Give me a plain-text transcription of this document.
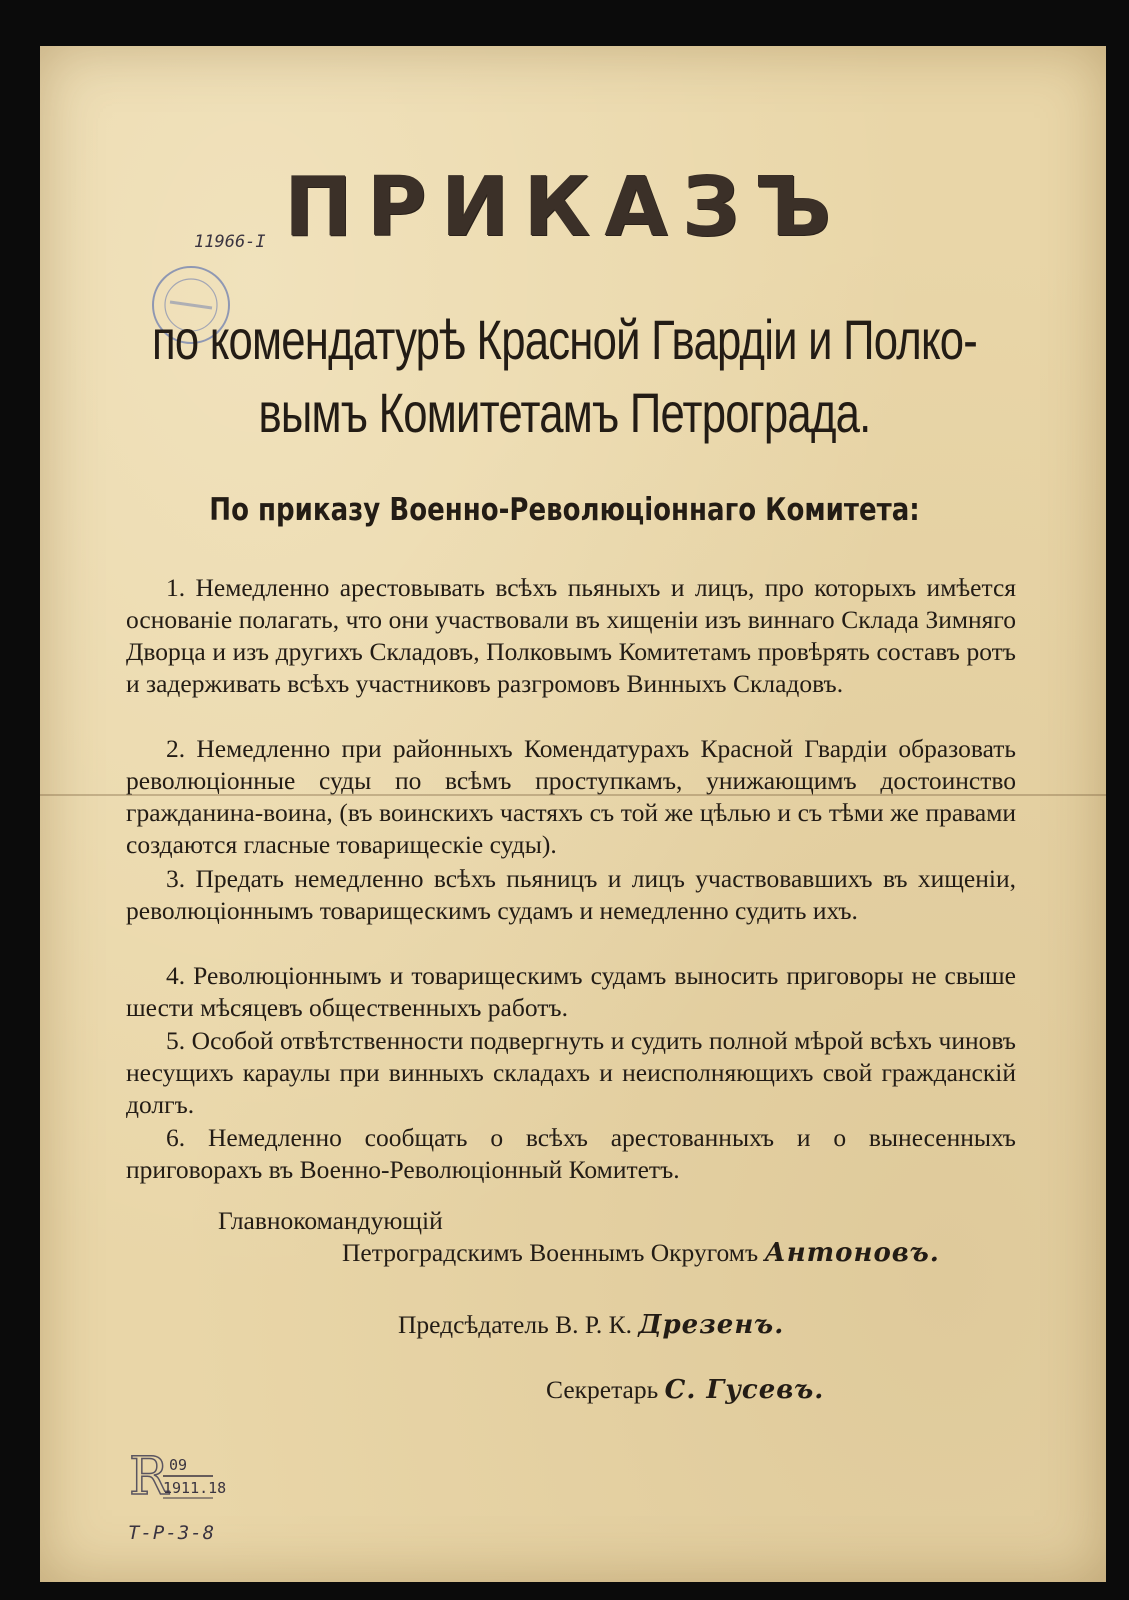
11966-I ПРИКАЗЪ

по комендатурѣ Красной Гвардіи и Полко-

вымъ Комитетамъ Петрограда.

По приказу Военно-Революціоннаго Комитета:

1. Немедленно арестовывать всѣхъ пьяныхъ и лицъ, про которыхъ имѣется основаніе полагать, что они участвовали въ хищеніи изъ виннаго Склада Зимняго Дворца и изъ другихъ Складовъ, Полковымъ Комитетамъ провѣрять составъ ротъ и задерживать всѣхъ участниковъ разгромовъ Винныхъ Складовъ.

2. Немедленно при районныхъ Комендатурахъ Красной Гвардіи образовать революціонные суды по всѣмъ проступкамъ, унижающимъ достоинство гражданина-воина, (въ воинскихъ частяхъ съ той же цѣлью и съ тѣми же правами создаются гласные товарищескіе суды).

3. Предать немедленно всѣхъ пьяницъ и лицъ участвовавшихъ въ хищеніи, революціоннымъ товарищескимъ судамъ и немедленно судить ихъ.

4. Революціоннымъ и товарищескимъ судамъ выносить приговоры не свыше шести мѣсяцевъ общественныхъ работъ.

5. Особой отвѣтственности подвергнуть и судить полной мѣрой всѣхъ чиновъ несущихъ караулы при винныхъ складахъ и неисполняющихъ свой гражданскій долгъ.

6. Немедленно сообщать о всѣхъ арестованныхъ и о вынесенныхъ приговорахъ въ Военно-Революціонный Комитетъ.

Главнокомандующій
Петроградскимъ Военнымъ Округомъ Антоновъ.
Предсѣдатель В. Р. К. Дрезенъ.
Секретарь С. Гусевъ.
R 09
1911.18
T-P-3-8
